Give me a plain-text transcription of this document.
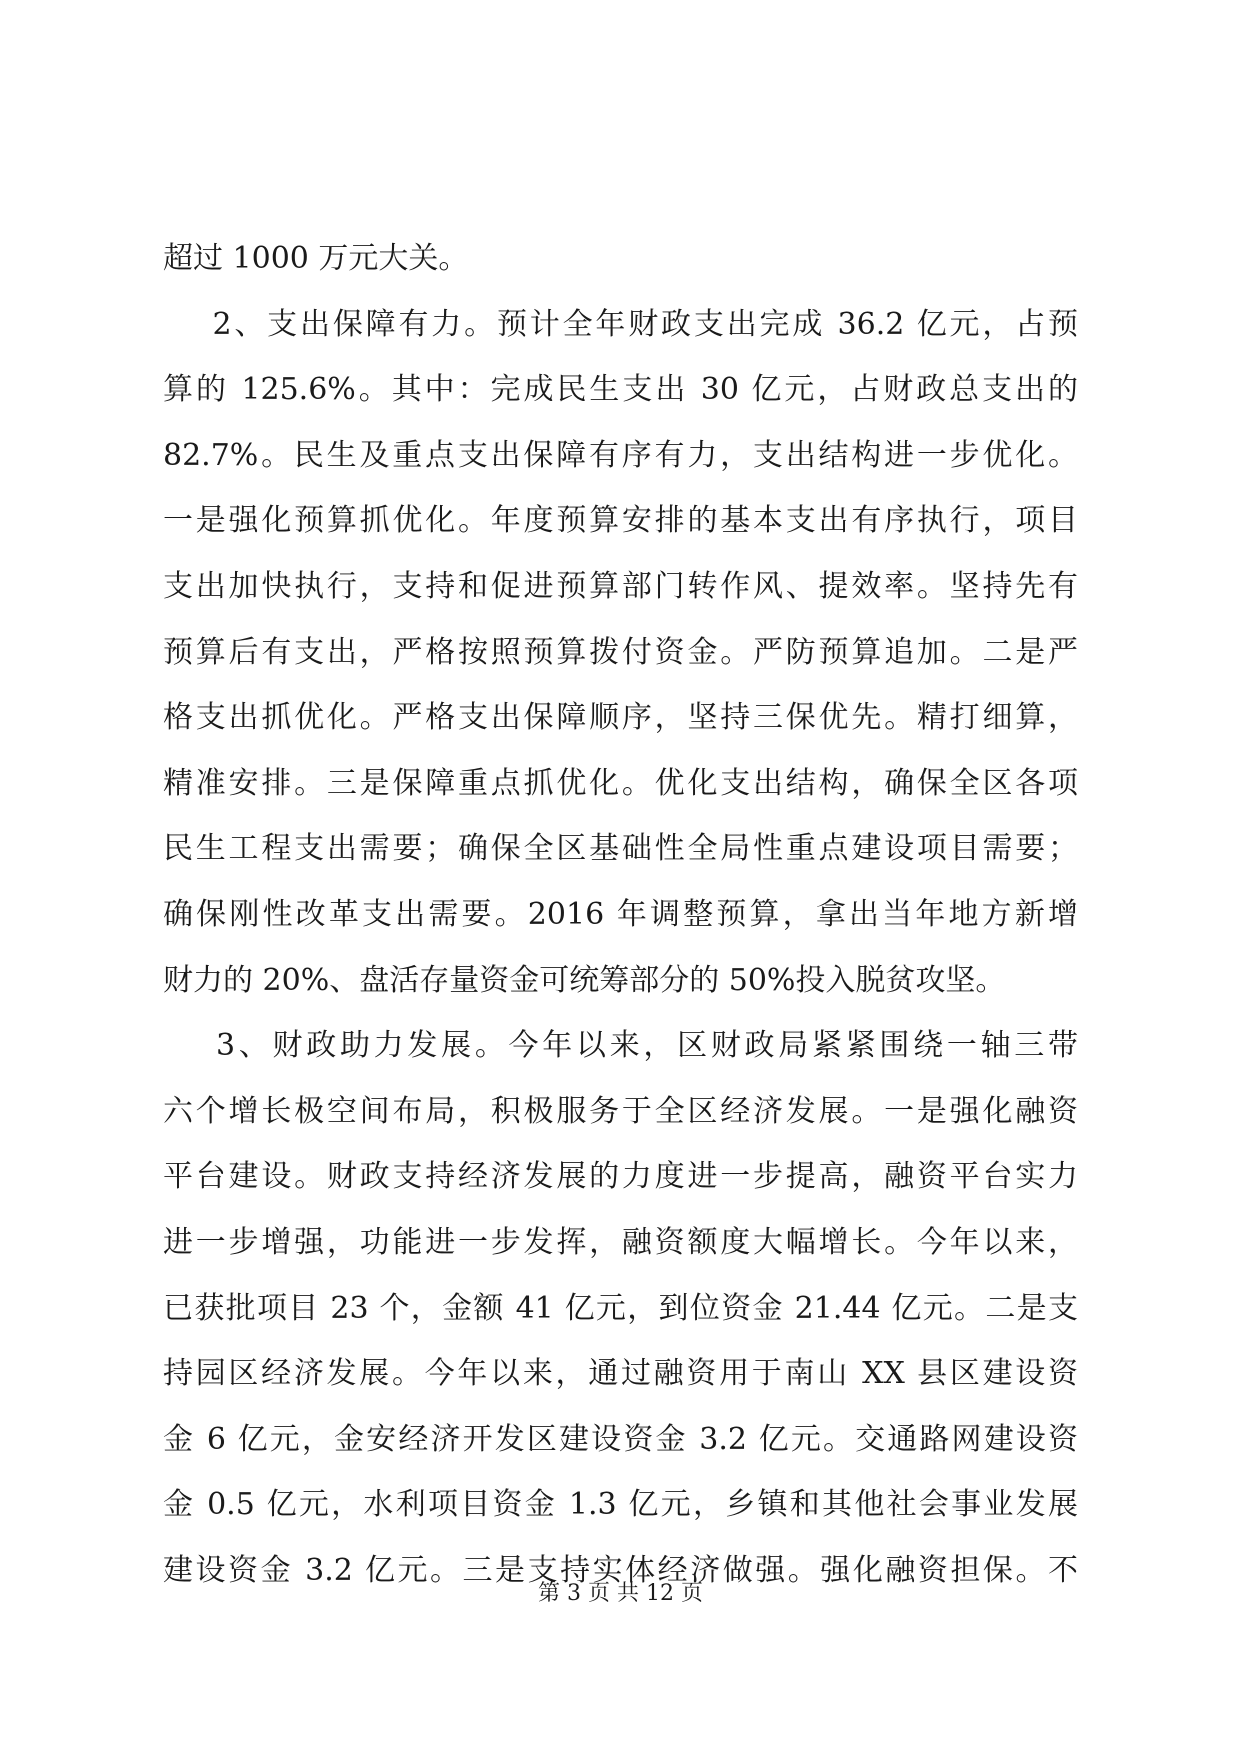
超过 1000 万元大关。
2、支出保障有力。预计全年财政支出完成 36.2 亿元，占预
算的 125.6%。其中：完成民生支出 30 亿元，占财政总支出的
82.7%。民生及重点支出保障有序有力，支出结构进一步优化。
一是强化预算抓优化。年度预算安排的基本支出有序执行，项目
支出加快执行，支持和促进预算部门转作风、提效率。坚持先有
预算后有支出，严格按照预算拨付资金。严防预算追加。二是严
格支出抓优化。严格支出保障顺序，坚持三保优先。精打细算，
精准安排。三是保障重点抓优化。优化支出结构，确保全区各项
民生工程支出需要；确保全区基础性全局性重点建设项目需要；
确保刚性改革支出需要。2016 年调整预算，拿出当年地方新增
财力的 20%、盘活存量资金可统筹部分的 50%投入脱贫攻坚。
3、财政助力发展。今年以来，区财政局紧紧围绕一轴三带
六个增长极空间布局，积极服务于全区经济发展。一是强化融资
平台建设。财政支持经济发展的力度进一步提高，融资平台实力
进一步增强，功能进一步发挥，融资额度大幅增长。今年以来，
已获批项目 23 个，金额 41 亿元，到位资金 21.44 亿元。二是支
持园区经济发展。今年以来，通过融资用于南山 XX 县区建设资
金 6 亿元，金安经济开发区建设资金 3.2 亿元。交通路网建设资
金 0.5 亿元，水利项目资金 1.3 亿元，乡镇和其他社会事业发展
建设资金 3.2 亿元。三是支持实体经济做强。强化融资担保。不
第 3 页 共 12 页
